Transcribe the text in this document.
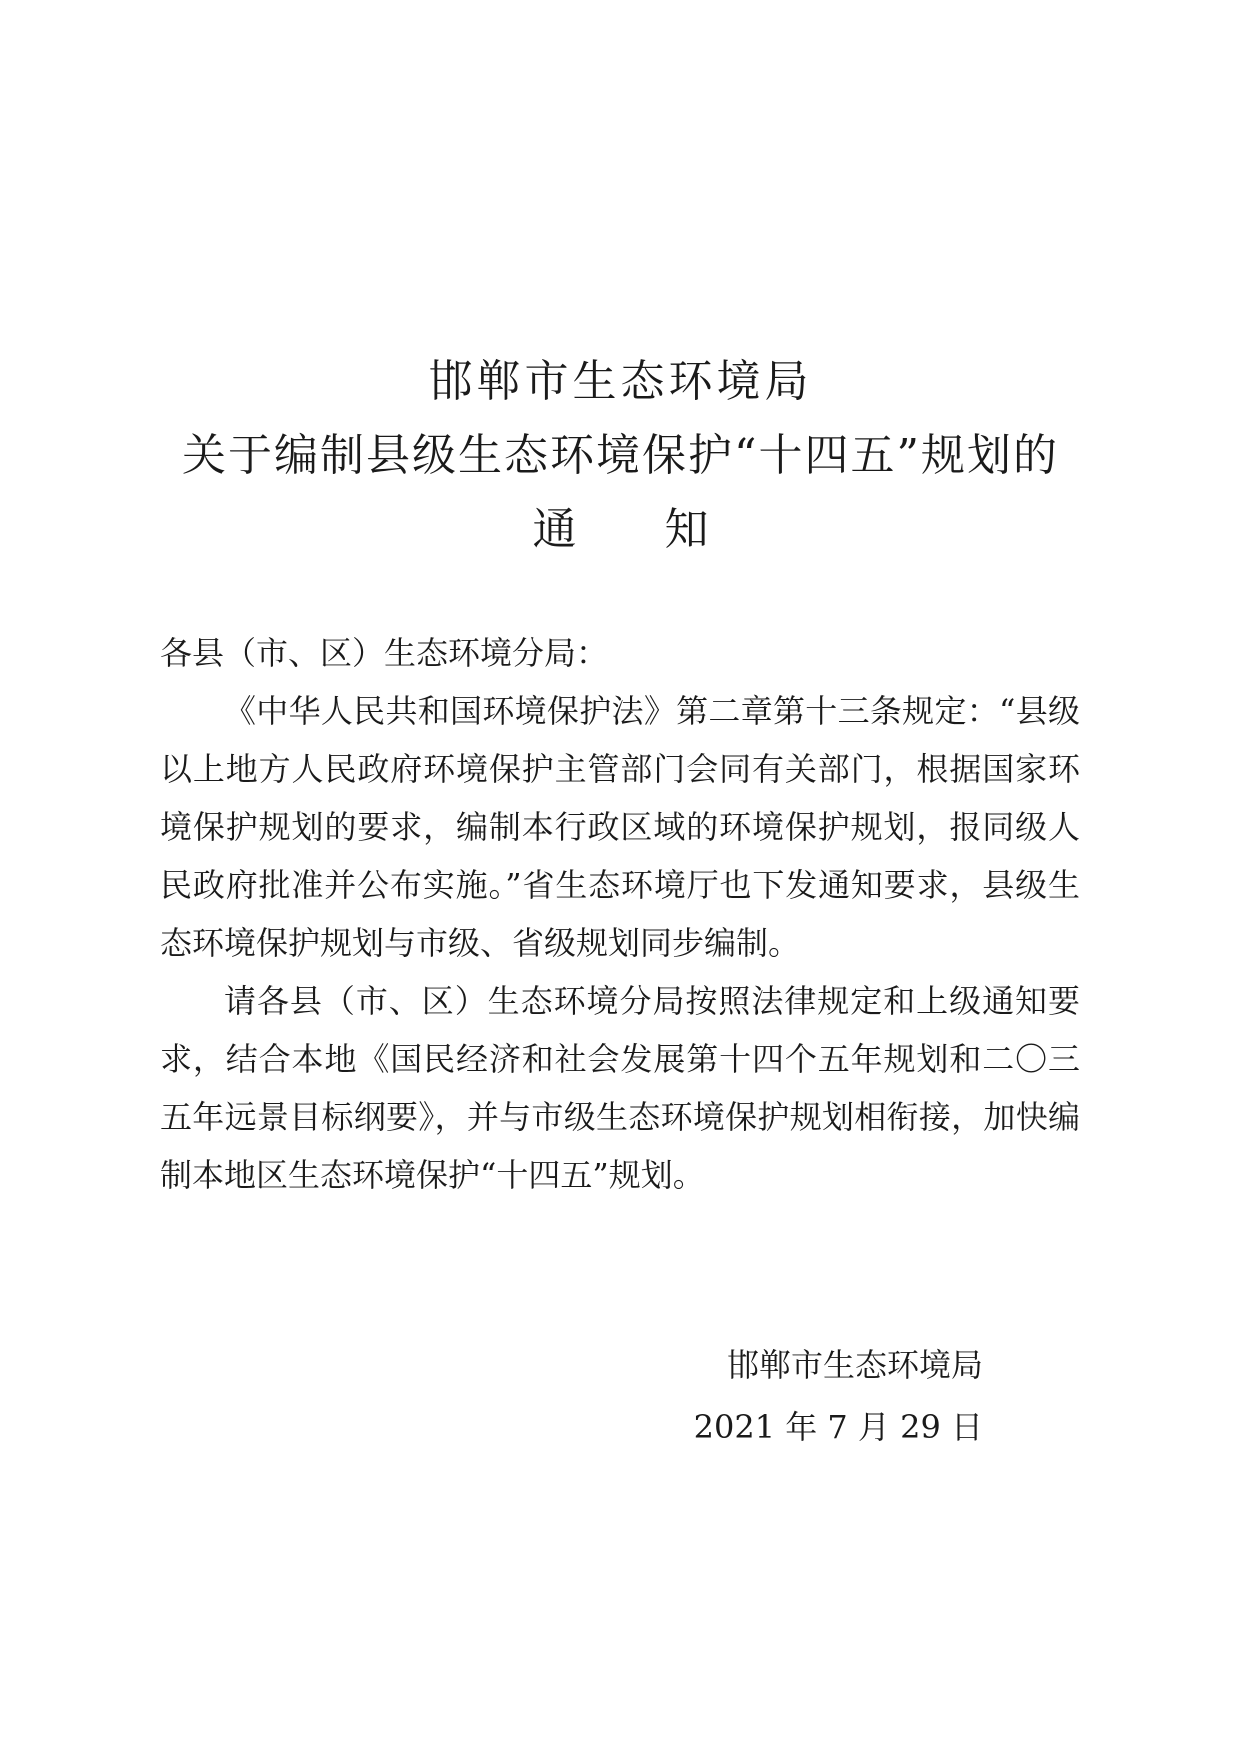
邯郸市生态环境局
关于编制县级生态环境保护“十四五”规划的
通 知

各县（市、区）生态环境分局：

《中华人民共和国环境保护法》第二章第十三条规定：“县级以上地方人民政府环境保护主管部门会同有关部门，根据国家环境保护规划的要求，编制本行政区域的环境保护规划，报同级人民政府批准并公布实施。”省生态环境厅也下发通知要求，县级生态环境保护规划与市级、省级规划同步编制。

请各县（市、区）生态环境分局按照法律规定和上级通知要求，结合本地《国民经济和社会发展第十四个五年规划和二〇三五年远景目标纲要》，并与市级生态环境保护规划相衔接，加快编制本地区生态环境保护“十四五”规划。

邯郸市生态环境局

2021 年 7 月 29 日
